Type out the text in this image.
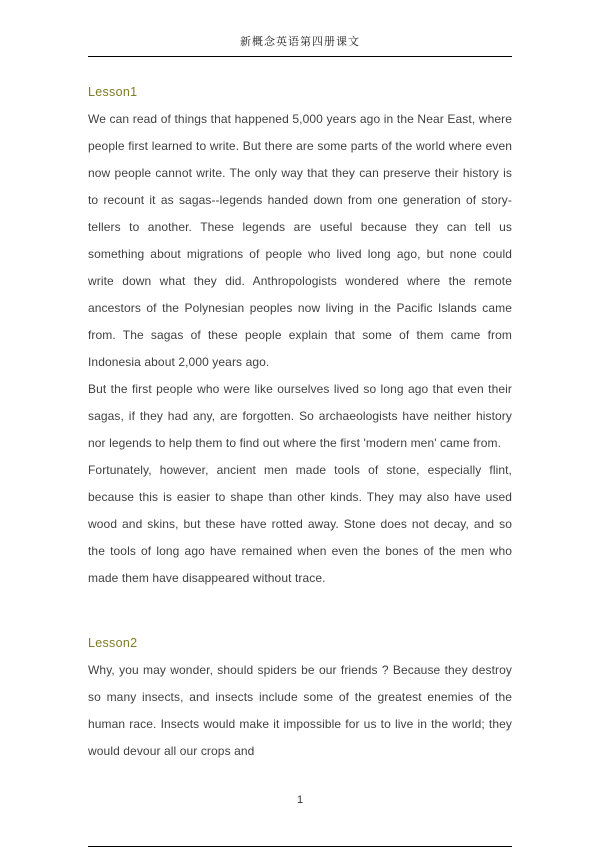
新概念英语第四册课文
Lesson1

We can read of things that happened 5,000 years ago in the Near East, where people first learned to write. But there are some parts of the world where even now people cannot write. The only way that they can preserve their history is to recount it as sagas--legends handed down from one generation of story-tellers to another. These legends are useful because they can tell us something about migrations of people who lived long ago, but none could write down what they did. Anthropologists wondered where the remote ancestors of the Polynesian peoples now living in the Pacific Islands came from. The sagas of these people explain that some of them came from Indonesia about 2,000 years ago.

But the first people who were like ourselves lived so long ago that even their sagas, if they had any, are forgotten. So archaeologists have neither history nor legends to help them to find out where the first 'modern men' came from.

Fortunately, however, ancient men made tools of stone, especially flint, because this is easier to shape than other kinds. They may also have used wood and skins, but these have rotted away. Stone does not decay, and so the tools of long ago have remained when even the bones of the men who made them have disappeared without trace.

Lesson2

Why, you may wonder, should spiders be our friends ? Because they destroy so many insects, and insects include some of the greatest enemies of the human race. Insects would make it impossible for us to live in the world; they would devour all our crops and

1
